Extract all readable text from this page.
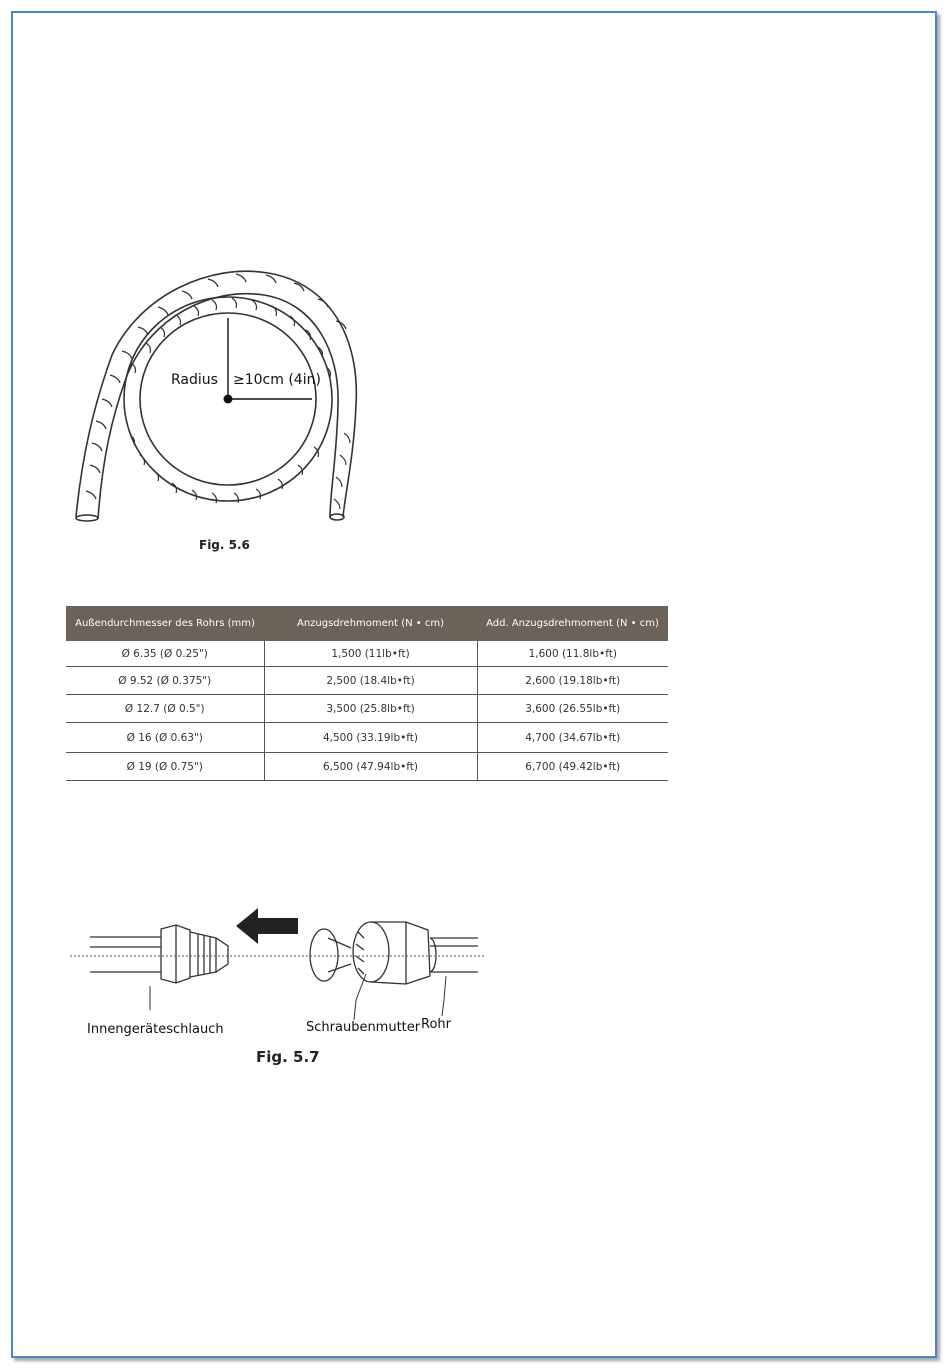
Radius ≥10cm (4in)
Fig. 5.6
Außendurchmesser des Rohrs (mm)	Anzugsdrehmoment (N • cm)	Add. Anzugsdrehmoment (N • cm)
Ø 6.35 (Ø 0.25")	1,500 (11lb•ft)	1,600 (11.8lb•ft)
Ø 9.52 (Ø 0.375")	2,500 (18.4lb•ft)	2,600 (19.18lb•ft)
Ø 12.7 (Ø 0.5")	3,500 (25.8lb•ft)	3,600 (26.55lb•ft)
Ø 16 (Ø 0.63")	4,500 (33.19lb•ft)	4,700 (34.67lb•ft)
Ø 19 (Ø 0.75")	6,500 (47.94lb•ft)	6,700 (49.42lb•ft)
Innengeräteschlauch	Schraubenmutter Rohr
Fig. 5.7
